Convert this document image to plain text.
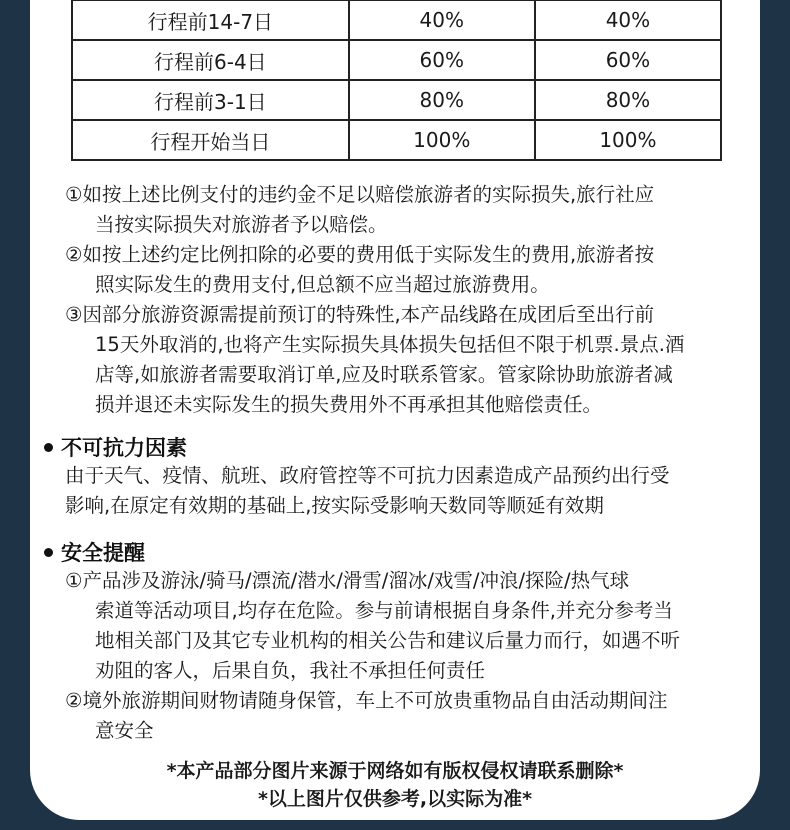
行程前14-7日	40%	40%
行程前6-4日	60%	60%
行程前3-1日	80%	80%
行程开始当日	100%	100%

①如按上述比例支付的违约金不足以赔偿旅游者的实际损失,旅行社应
当按实际损失对旅游者予以赔偿。

②如按上述约定比例扣除的必要的费用低于实际发生的费用,旅游者按
照实际发生的费用支付,但总额不应当超过旅游费用。

③因部分旅游资源需提前预订的特殊性,本产品线路在成团后至出行前
15天外取消的,也将产生实际损失具体损失包括但不限于机票.景点.酒
店等,如旅游者需要取消订单,应及时联系管家。管家除协助旅游者减
损并退还未实际发生的损失费用外不再承担其他赔偿责任。

不可抗力因素

由于天气、疫情、航班、政府管控等不可抗力因素造成产品预约出行受
影响,在原定有效期的基础上,按实际受影响天数同等顺延有效期

安全提醒

①产品涉及游泳/骑马/漂流/潜水/滑雪/溜冰/戏雪/冲浪/探险/热气球
索道等活动项目,均存在危险。参与前请根据自身条件,并充分参考当
地相关部门及其它专业机构的相关公告和建议后量力而行，如遇不听
劝阻的客人，后果自负，我社不承担任何责任

②境外旅游期间财物请随身保管，车上不可放贵重物品自由活动期间注
意安全

*本产品部分图片来源于网络如有版权侵权请联系删除*
*以上图片仅供参考,以实际为准*
